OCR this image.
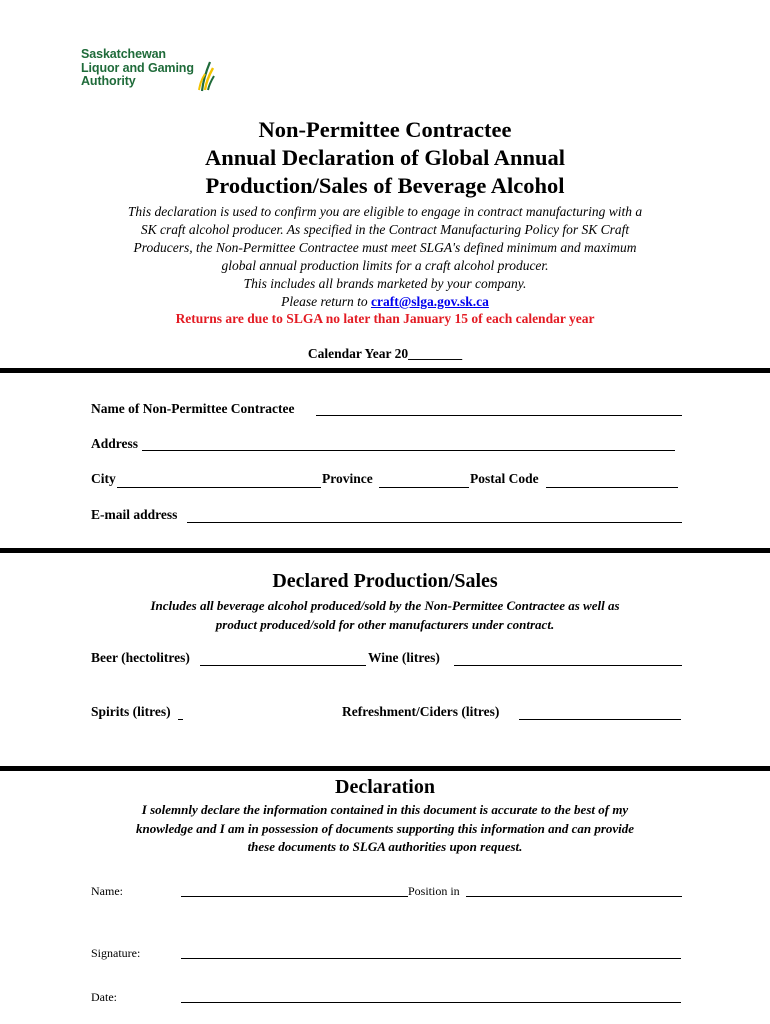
Saskatchewan
Liquor and Gaming
Authority
Non-Permittee Contractee
Annual Declaration of Global Annual
Production/Sales of Beverage Alcohol
This declaration is used to confirm you are eligible to engage in contract manufacturing with a
SK craft alcohol producer. As specified in the Contract Manufacturing Policy for SK Craft
Producers, the Non-Permittee Contractee must meet SLGA's defined minimum and maximum
global annual production limits for a craft alcohol producer.
This includes all brands marketed by your company.
Please return to craft@slga.gov.sk.ca
Returns are due to SLGA no later than January 15 of each calendar year
Calendar Year 20________
Name of Non-Permittee Contractee
Address
City	Province	Postal Code
E-mail address
Declared Production/Sales
Includes all beverage alcohol produced/sold by the Non-Permittee Contractee as well as
product produced/sold for other manufacturers under contract.
Beer (hectolitres)	Wine (litres)
Spirits (litres)	Refreshment/Ciders (litres)
Declaration
I solemnly declare the information contained in this document is accurate to the best of my
knowledge and I am in possession of documents supporting this information and can provide
these documents to SLGA authorities upon request.
Name:	Position in
Signature:
Date:
